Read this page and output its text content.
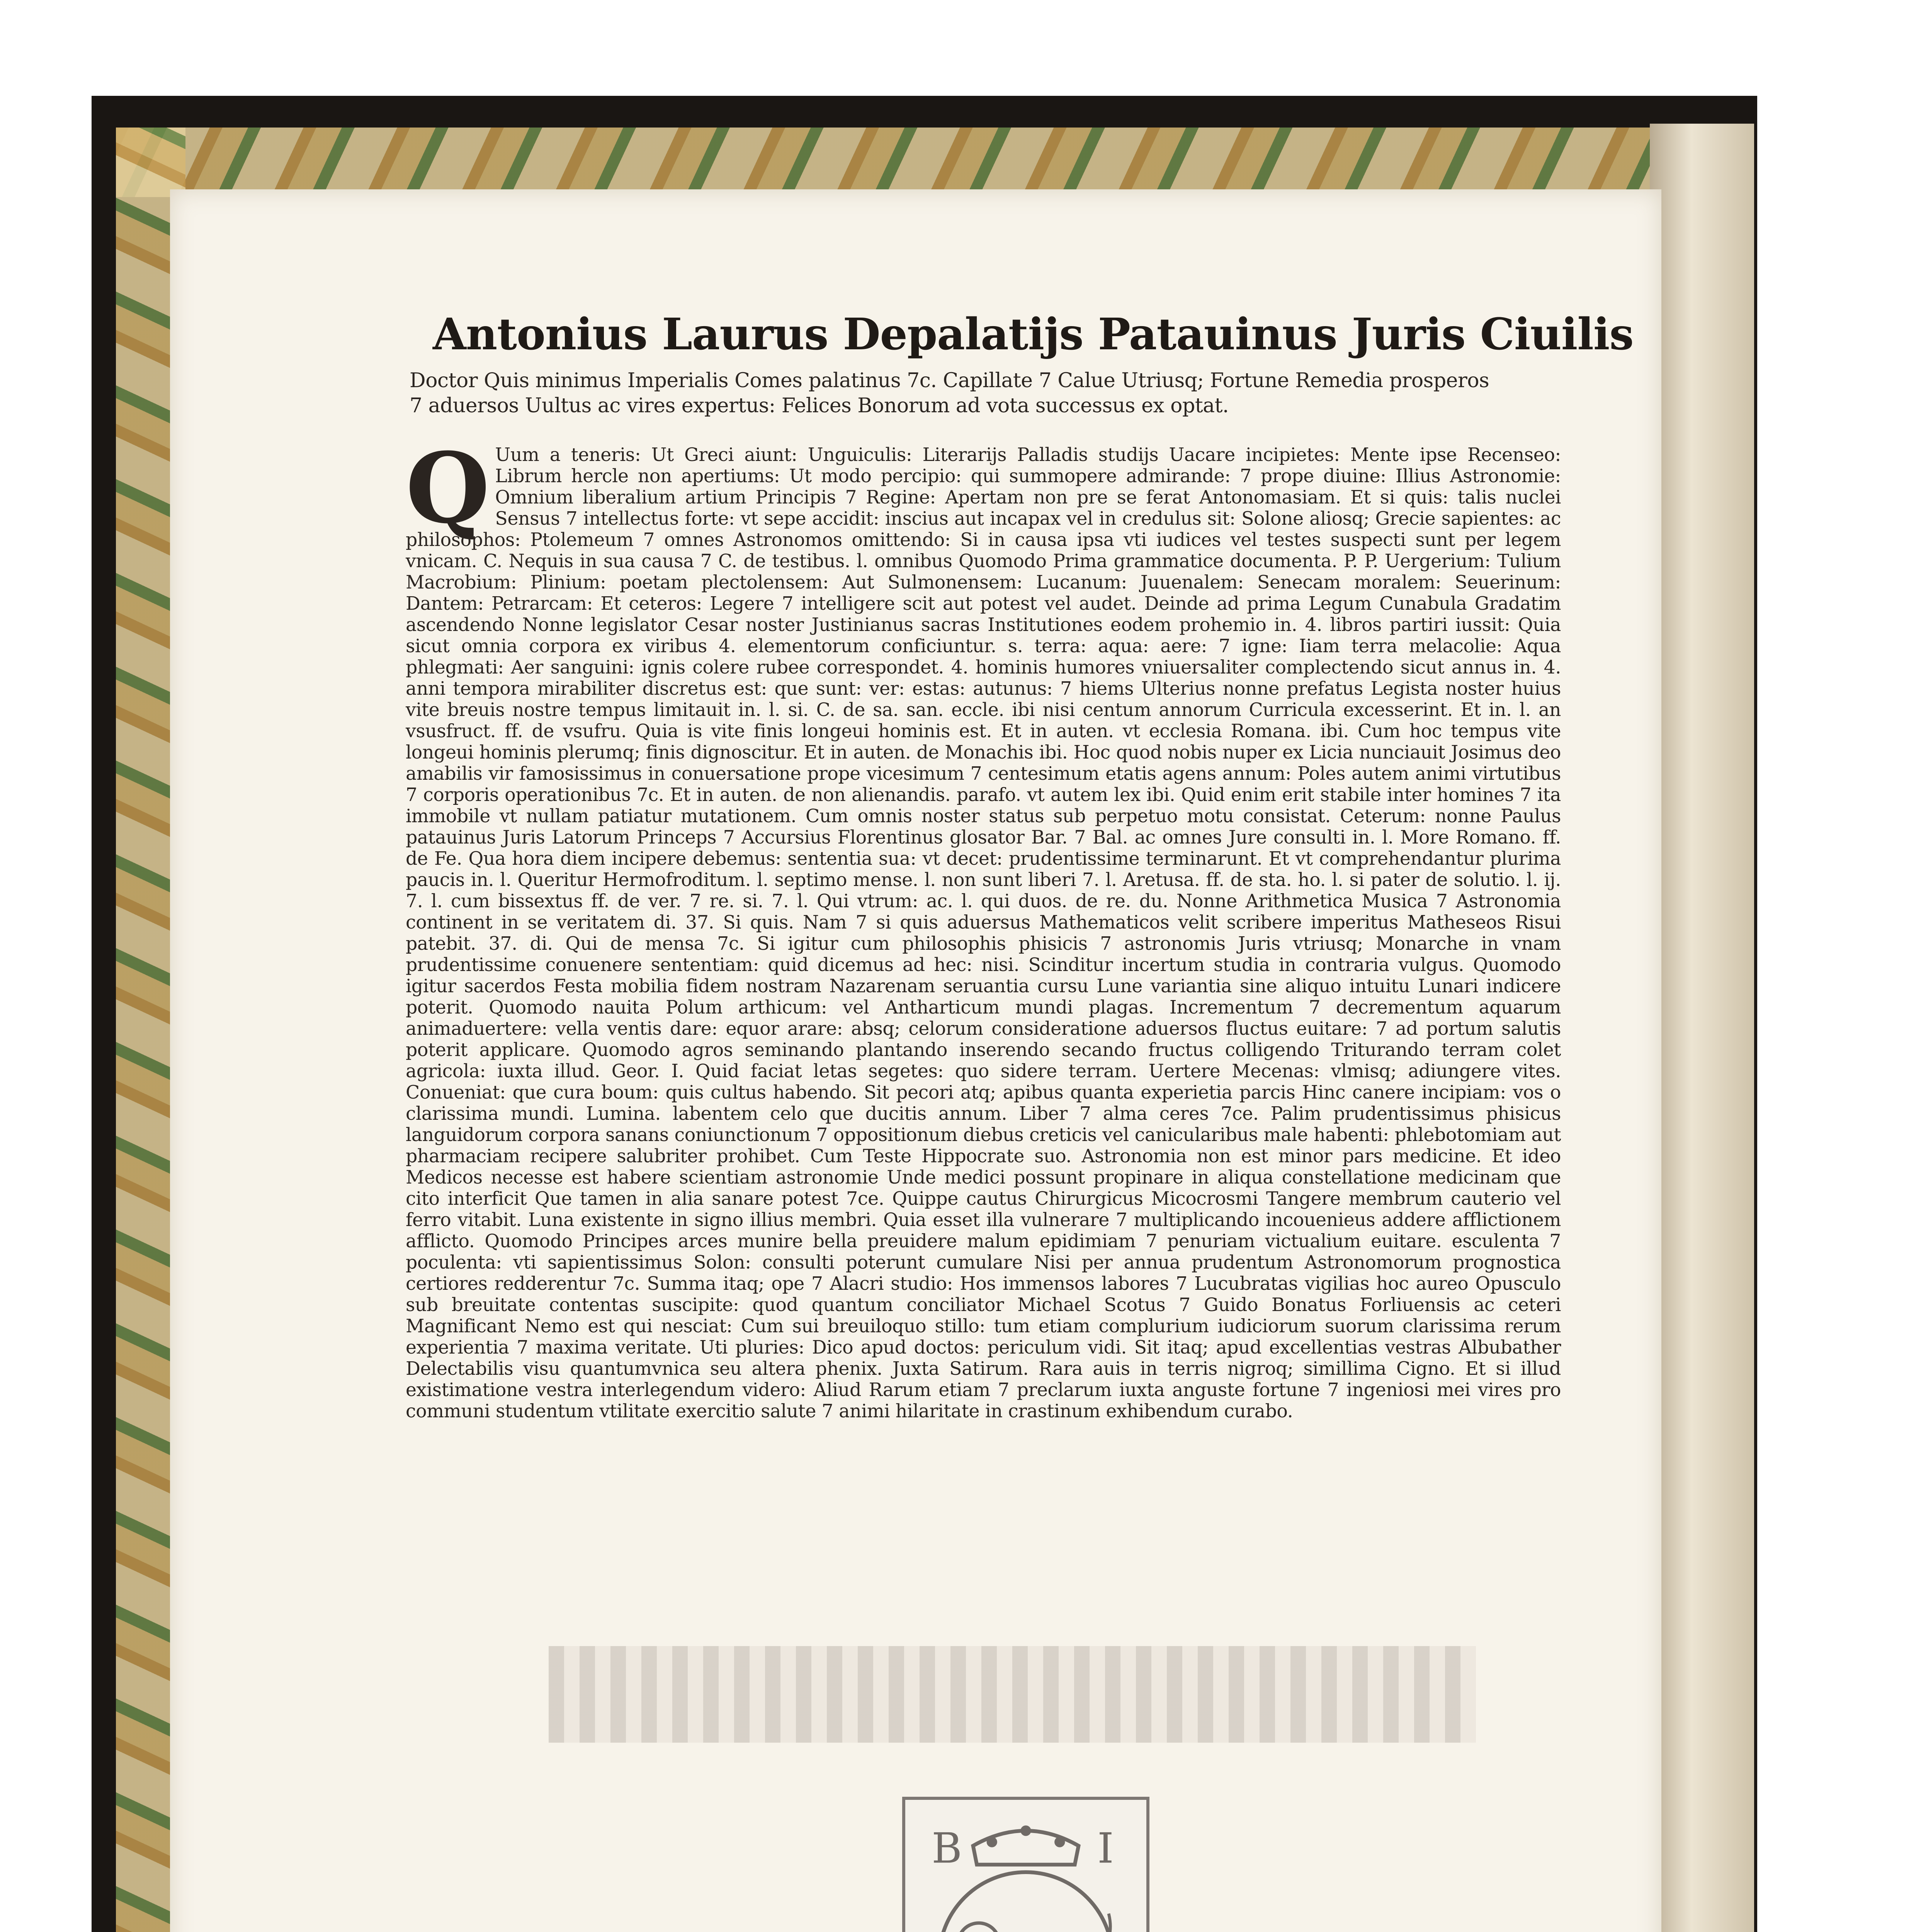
Antonius Laurus Depalatijs Patauinus Juris Ciuilis
Doctor Quis minimus Imperialis Comes palatinus 7c. Capillate 7 Calue Utriusq; Fortune Remedia prosperos
7 aduersos Uultus ac vires expertus: Felices Bonorum ad vota successus ex optat.
QUum a teneris: Ut Greci aiunt: Unguiculis: Literarijs Palladis studijs Uacare incipietes: Mente ipse Recenseo: Librum hercle non apertiums: Ut modo percipio: qui summopere admirande: 7 prope diuine: Illius Astronomie: Omnium liberalium artium Principis 7 Regine: Apertam non pre se ferat Antonomasiam. Et si quis: talis nuclei Sensus 7 intellectus forte: vt sepe accidit: inscius aut incapax vel in credulus sit: Solone aliosq; Grecie sapientes: ac philosophos: Ptolemeum 7 omnes Astronomos omittendo: Si in causa ipsa vti iudices vel testes suspecti sunt per legem vnicam. C. Nequis in sua causa 7 C. de testibus. l. omnibus Quomodo Prima grammatice documenta. P. P. Uergerium: Tulium Macrobium: Plinium: poetam plectolensem: Aut Sulmonensem: Lucanum: Juuenalem: Senecam moralem: Seuerinum: Dantem: Petrarcam: Et ceteros: Legere 7 intelligere scit aut potest vel audet. Deinde ad prima Legum Cunabula Gradatim ascendendo Nonne legislator Cesar noster Justinianus sacras Institutiones eodem prohemio in. 4. libros partiri iussit: Quia sicut omnia corpora ex viribus 4. elementorum conficiuntur. s. terra: aqua: aere: 7 igne: Iiam terra melacolie: Aqua phlegmati: Aer sanguini: ignis colere rubee correspondet. 4. hominis humores vniuersaliter complectendo sicut annus in. 4. anni tempora mirabiliter discretus est: que sunt: ver: estas: autunus: 7 hiems Ulterius nonne prefatus Legista noster huius vite breuis nostre tempus limitauit in. l. si. C. de sa. san. eccle. ibi nisi centum annorum Curricula excesserint. Et in. l. an vsusfruct. ff. de vsufru. Quia is vite finis longeui hominis est. Et in auten. vt ecclesia Romana. ibi. Cum hoc tempus vite longeui hominis plerumq; finis dignoscitur. Et in auten. de Monachis ibi. Hoc quod nobis nuper ex Licia nunciauit Josimus deo amabilis vir famosissimus in conuersatione prope vicesimum 7 centesimum etatis agens annum: Poles autem animi virtutibus 7 corporis operationibus 7c. Et in auten. de non alienandis. parafo. vt autem lex ibi. Quid enim erit stabile inter homines 7 ita immobile vt nullam patiatur mutationem. Cum omnis noster status sub perpetuo motu consistat. Ceterum: nonne Paulus patauinus Juris Latorum Princeps 7 Accursius Florentinus glosator Bar. 7 Bal. ac omnes Jure consulti in. l. More Romano. ff. de Fe. Qua hora diem incipere debemus: sententia sua: vt decet: prudentissime terminarunt. Et vt comprehendantur plurima paucis in. l. Queritur Hermofroditum. l. septimo mense. l. non sunt liberi 7. l. Aretusa. ff. de sta. ho. l. si pater de solutio. l. ij. 7. l. cum bissextus ff. de ver. 7 re. si. 7. l. Qui vtrum: ac. l. qui duos. de re. du. Nonne Arithmetica Musica 7 Astronomia continent in se veritatem di. 37. Si quis. Nam 7 si quis aduersus Mathematicos velit scribere imperitus Matheseos Risui patebit. 37. di. Qui de mensa 7c. Si igitur cum philosophis phisicis 7 astronomis Juris vtriusq; Monarche in vnam prudentissime conuenere sententiam: quid dicemus ad hec: nisi. Scinditur incertum studia in contraria vulgus. Quomodo igitur sacerdos Festa mobilia fidem nostram Nazarenam seruantia cursu Lune variantia sine aliquo intuitu Lunari indicere poterit. Quomodo nauita Polum arthicum: vel Antharticum mundi plagas. Incrementum 7 decrementum aquarum animaduertere: vella ventis dare: equor arare: absq; celorum consideratione aduersos fluctus euitare: 7 ad portum salutis poterit applicare. Quomodo agros seminando plantando inserendo secando fructus colligendo Triturando terram colet agricola: iuxta illud. Geor. I. Quid faciat letas segetes: quo sidere terram. Uertere Mecenas: vlmisq; adiungere vites. Conueniat: que cura boum: quis cultus habendo. Sit pecori atq; apibus quanta experietia parcis Hinc canere incipiam: vos o clarissima mundi. Lumina. labentem celo que ducitis annum. Liber 7 alma ceres 7ce. Palim prudentissimus phisicus languidorum corpora sanans coniunctionum 7 oppositionum diebus creticis vel canicularibus male habenti: phlebotomiam aut pharmaciam recipere salubriter prohibet. Cum Teste Hippocrate suo. Astronomia non est minor pars medicine. Et ideo Medicos necesse est habere scientiam astronomie Unde medici possunt propinare in aliqua constellatione medicinam que cito interficit Que tamen in alia sanare potest 7ce. Quippe cautus Chirurgicus Micocrosmi Tangere membrum cauterio vel ferro vitabit. Luna existente in signo illius membri. Quia esset illa vulnerare 7 multiplicando incouenieus addere afflictionem afflicto. Quomodo Principes arces munire bella preuidere malum epidimiam 7 penuriam victualium euitare. esculenta 7 poculenta: vti sapientissimus Solon: consulti poterunt cumulare Nisi per annua prudentum Astronomorum prognostica certiores redderentur 7c. Summa itaq; ope 7 Alacri studio: Hos immensos labores 7 Lucubratas vigilias hoc aureo Opusculo sub breuitate contentas suscipite: quod quantum conciliator Michael Scotus 7 Guido Bonatus Forliuensis ac ceteri Magnificant Nemo est qui nesciat: Cum sui breuiloquo stillo: tum etiam complurium iudiciorum suorum clarissima rerum experientia 7 maxima veritate. Uti pluries: Dico apud doctos: periculum vidi. Sit itaq; apud excellentias vestras Albubather Delectabilis visu quantumvnica seu altera phenix. Juxta Satirum. Rara auis in terris nigroq; simillima Cigno. Et si illud existimatione vestra interlegendum videro: Aliud Rarum etiam 7 preclarum iuxta anguste fortune 7 ingeniosi mei vires pro communi studentum vtilitate exercitio salute 7 animi hilaritate in crastinum exhibendum curabo.
B	I
